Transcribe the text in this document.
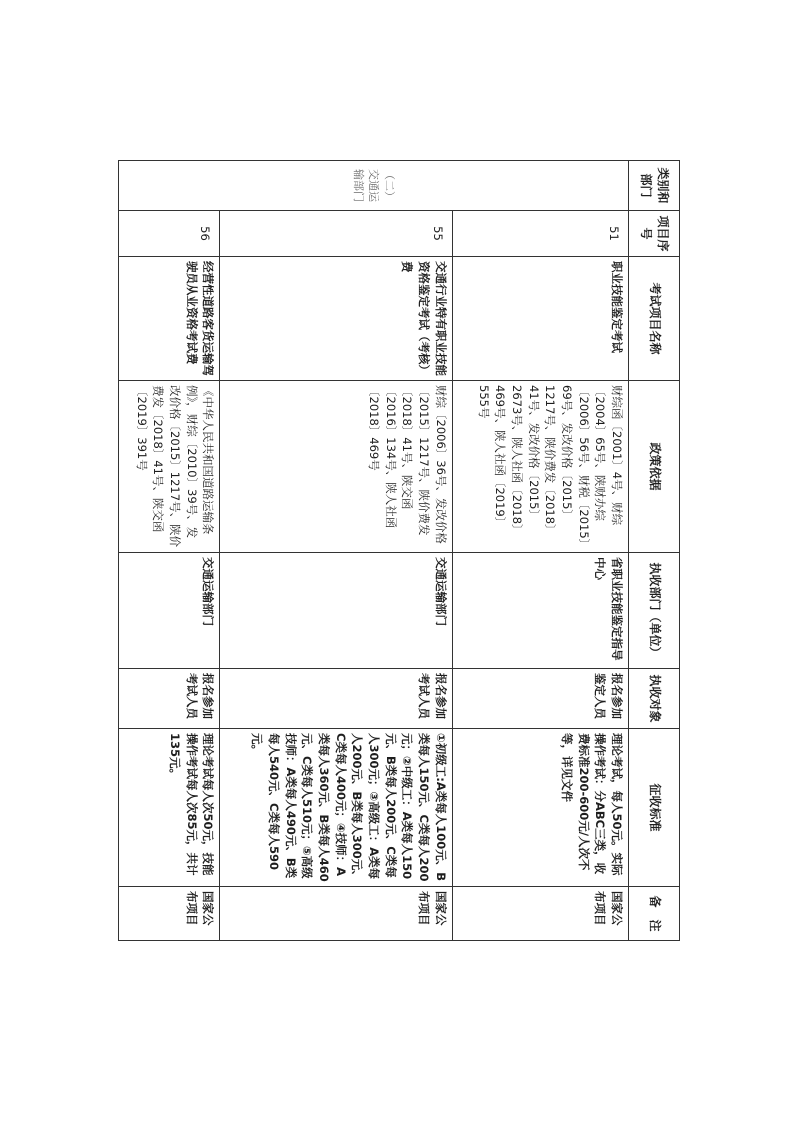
类别和部门	项目序号	考试项目名称	政策依据	执收部门（单位）	执收对象	征收标准	备　注
（二）交通运输部门	51	职业技能鉴定考试	财综函〔2001〕4号、财综〔2004〕65号、陕财办综〔2006〕56号、财税〔2015〕69号、发改价格〔2015〕1217号、陕价费发〔2018〕41号、发改价格〔2015〕2673号、陕人社函〔2018〕469号、陕人社函〔2019〕555号	省职业技能鉴定指导中心	报名参加鉴定人员	理论考试，每人50元。实际操作考试：分ABC三类，收费标准200-600元/人次不等，详见文件	国家公布项目
	55	交通行业特有职业技能资格鉴定考试（考核）费	财综〔2006〕36号、发改价格〔2015〕1217号、陕价费发〔2018〕41号、陕交函〔2016〕134号、陕人社函〔2018〕469号	交通运输部门	报名参加考试人员	①初级工:A类每人100元、B类每人150元、C类每人200元；②中级工：A类每人150元、B类每人200元、C类每人300元；③高级工：A类每人200元、B类每人300元、C类每人400元；④技师：A类每人360元、B类每人460元、C类每人510元；⑤高级技师：A类每人490元、B类每人540元、C类每人590元。	国家公布项目
	56	经营性道路客货运输驾驶员从业资格考试费	《中华人民共和国道路运输条例》，财综〔2010〕39号、发改价格〔2015〕1217号、陕价费发〔2018〕41号、陕交函〔2019〕391号	交通运输部门	报名参加考试人员	理论考试每人次50元，技能操作考试每人次85元，共计135元。	国家公布项目
